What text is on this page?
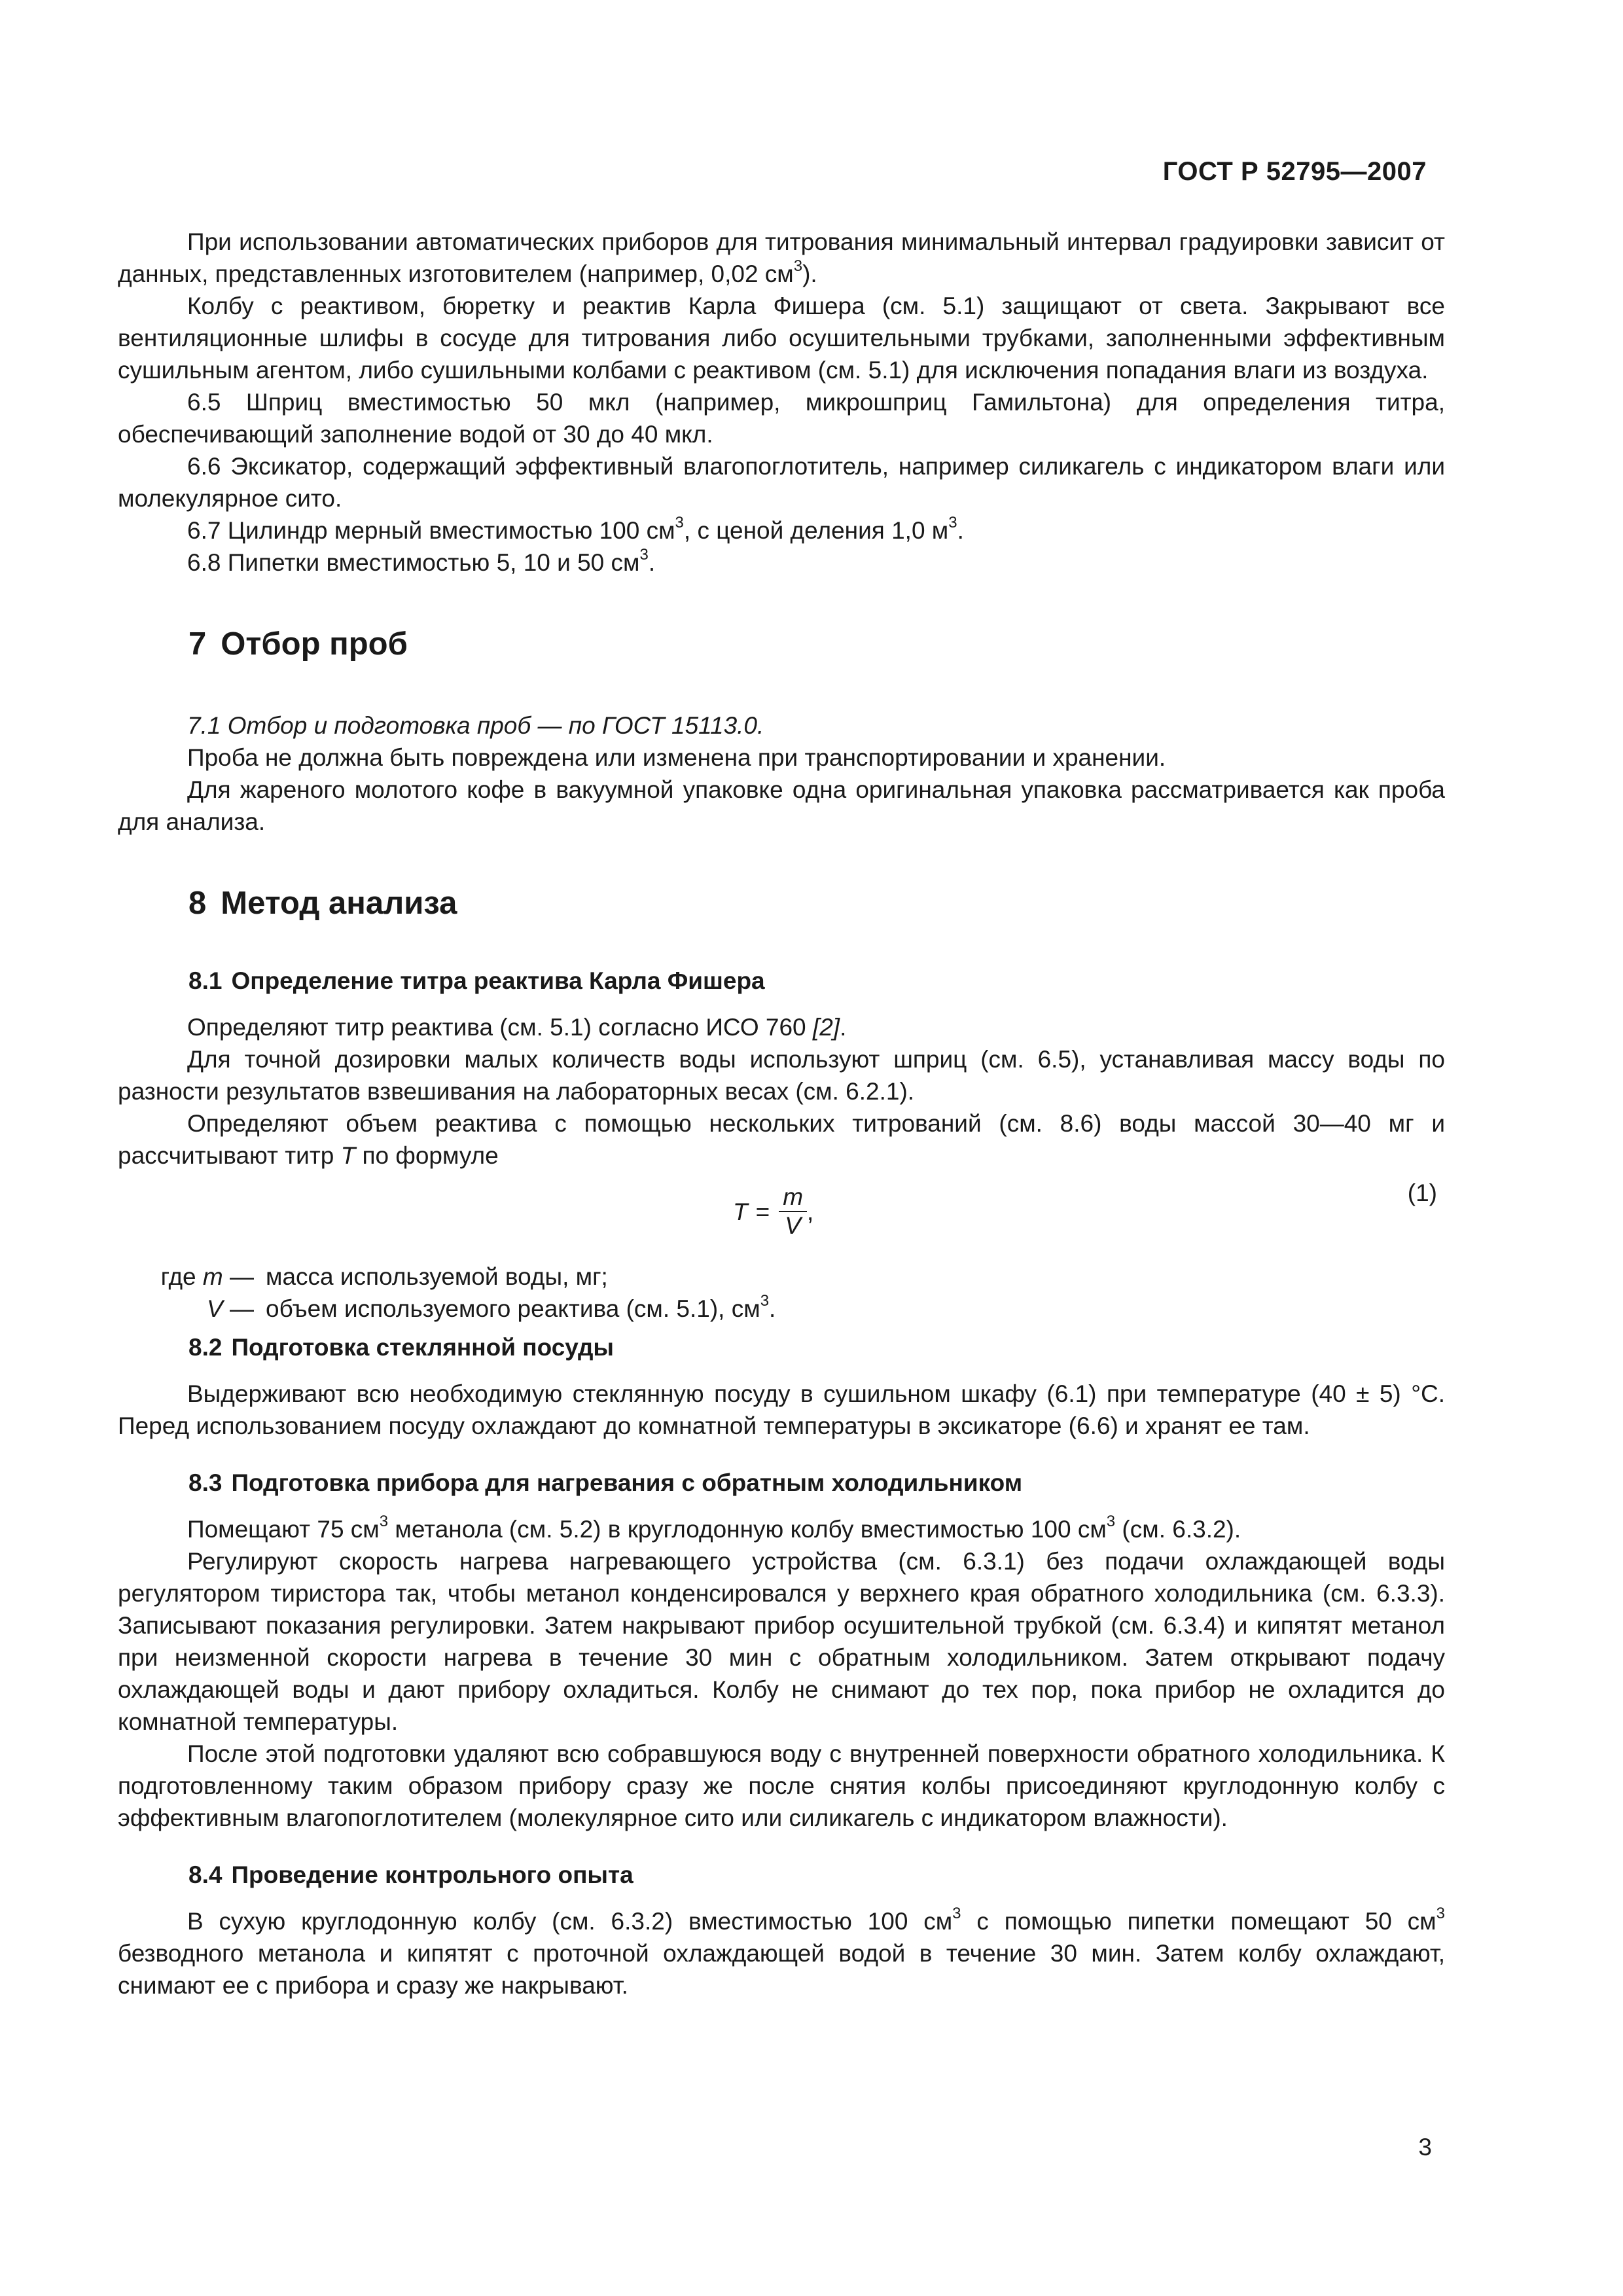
ГОСТ Р 52795—2007

При использовании автоматических приборов для титрования минимальный интервал градуировки зависит от данных, представленных изготовителем (например, 0,02 $см^3$).

Колбу с реактивом, бюретку и реактив Карла Фишера (см. 5.1) защищают от света. Закрывают все вентиляционные шлифы в сосуде для титрования либо осушительными трубками, заполненными эффективным сушильным агентом, либо сушильными колбами с реактивом (см. 5.1) для исключения попадания влаги из воздуха.

6.5 Шприц вместимостью 50 мкл (например, микрошприц Гамильтона) для определения титра, обеспечивающий заполнение водой от 30 до 40 мкл.

6.6 Эксикатор, содержащий эффективный влагопоглотитель, например силикагель с индикатором влаги или молекулярное сито.

6.7 Цилиндр мерный вместимостью 100 $см^3$, с ценой деления 1,0 $м^3$.

6.8 Пипетки вместимостью 5, 10 и 50 $см^3$.

7 Отбор проб

7.1 Отбор и подготовка проб — по ГОСТ 15113.0.

Проба не должна быть повреждена или изменена при транспортировании и хранении.

Для жареного молотого кофе в вакуумной упаковке одна оригинальная упаковка рассматривается как проба для анализа.

8 Метод анализа
8.1 Определение титра реактива Карла Фишера

Определяют титр реактива (см. 5.1) согласно ИСО 760 [2].

Для точной дозировки малых количеств воды используют шприц (см. 6.5), устанавливая массу воды по разности результатов взвешивания на лабораторных весах (см. 6.2.1).

Определяют объем реактива с помощью нескольких титрований (см. 8.6) воды массой 30—40 мг и рассчитывают титр T по формуле

$T = \frac{m}{V}$ ,
(1)
где m — масса используемой воды, мг;
V — объем используемого реактива (см. 5.1), $см^3$.
8.2 Подготовка стеклянной посуды

Выдерживают всю необходимую стеклянную посуду в сушильном шкафу (6.1) при температуре (40 ± 5) °С. Перед использованием посуду охлаждают до комнатной температуры в эксикаторе (6.6) и хранят ее там.

8.3 Подготовка прибора для нагревания с обратным холодильником

Помещают 75 $см^3$ метанола (см. 5.2) в круглодонную колбу вместимостью 100 $см^3$ (см. 6.3.2).

Регулируют скорость нагрева нагревающего устройства (см. 6.3.1) без подачи охлаждающей воды регулятором тиристора так, чтобы метанол конденсировался у верхнего края обратного холодильника (см. 6.3.3). Записывают показания регулировки. Затем накрывают прибор осушительной трубкой (см. 6.3.4) и кипятят метанол при неизменной скорости нагрева в течение 30 мин с обратным холодильником. Затем открывают подачу охлаждающей воды и дают прибору охладиться. Колбу не снимают до тех пор, пока прибор не охладится до комнатной температуры.

После этой подготовки удаляют всю собравшуюся воду с внутренней поверхности обратного холодильника. К подготовленному таким образом прибору сразу же после снятия колбы присоединяют круглодонную колбу с эффективным влагопоглотителем (молекулярное сито или силикагель с индикатором влажности).

8.4 Проведение контрольного опыта

В сухую круглодонную колбу (см. 6.3.2) вместимостью 100 $см^3$ с помощью пипетки помещают 50 $см^3$ безводного метанола и кипятят с проточной охлаждающей водой в течение 30 мин. Затем колбу охлаждают, снимают ее с прибора и сразу же накрывают.

3
